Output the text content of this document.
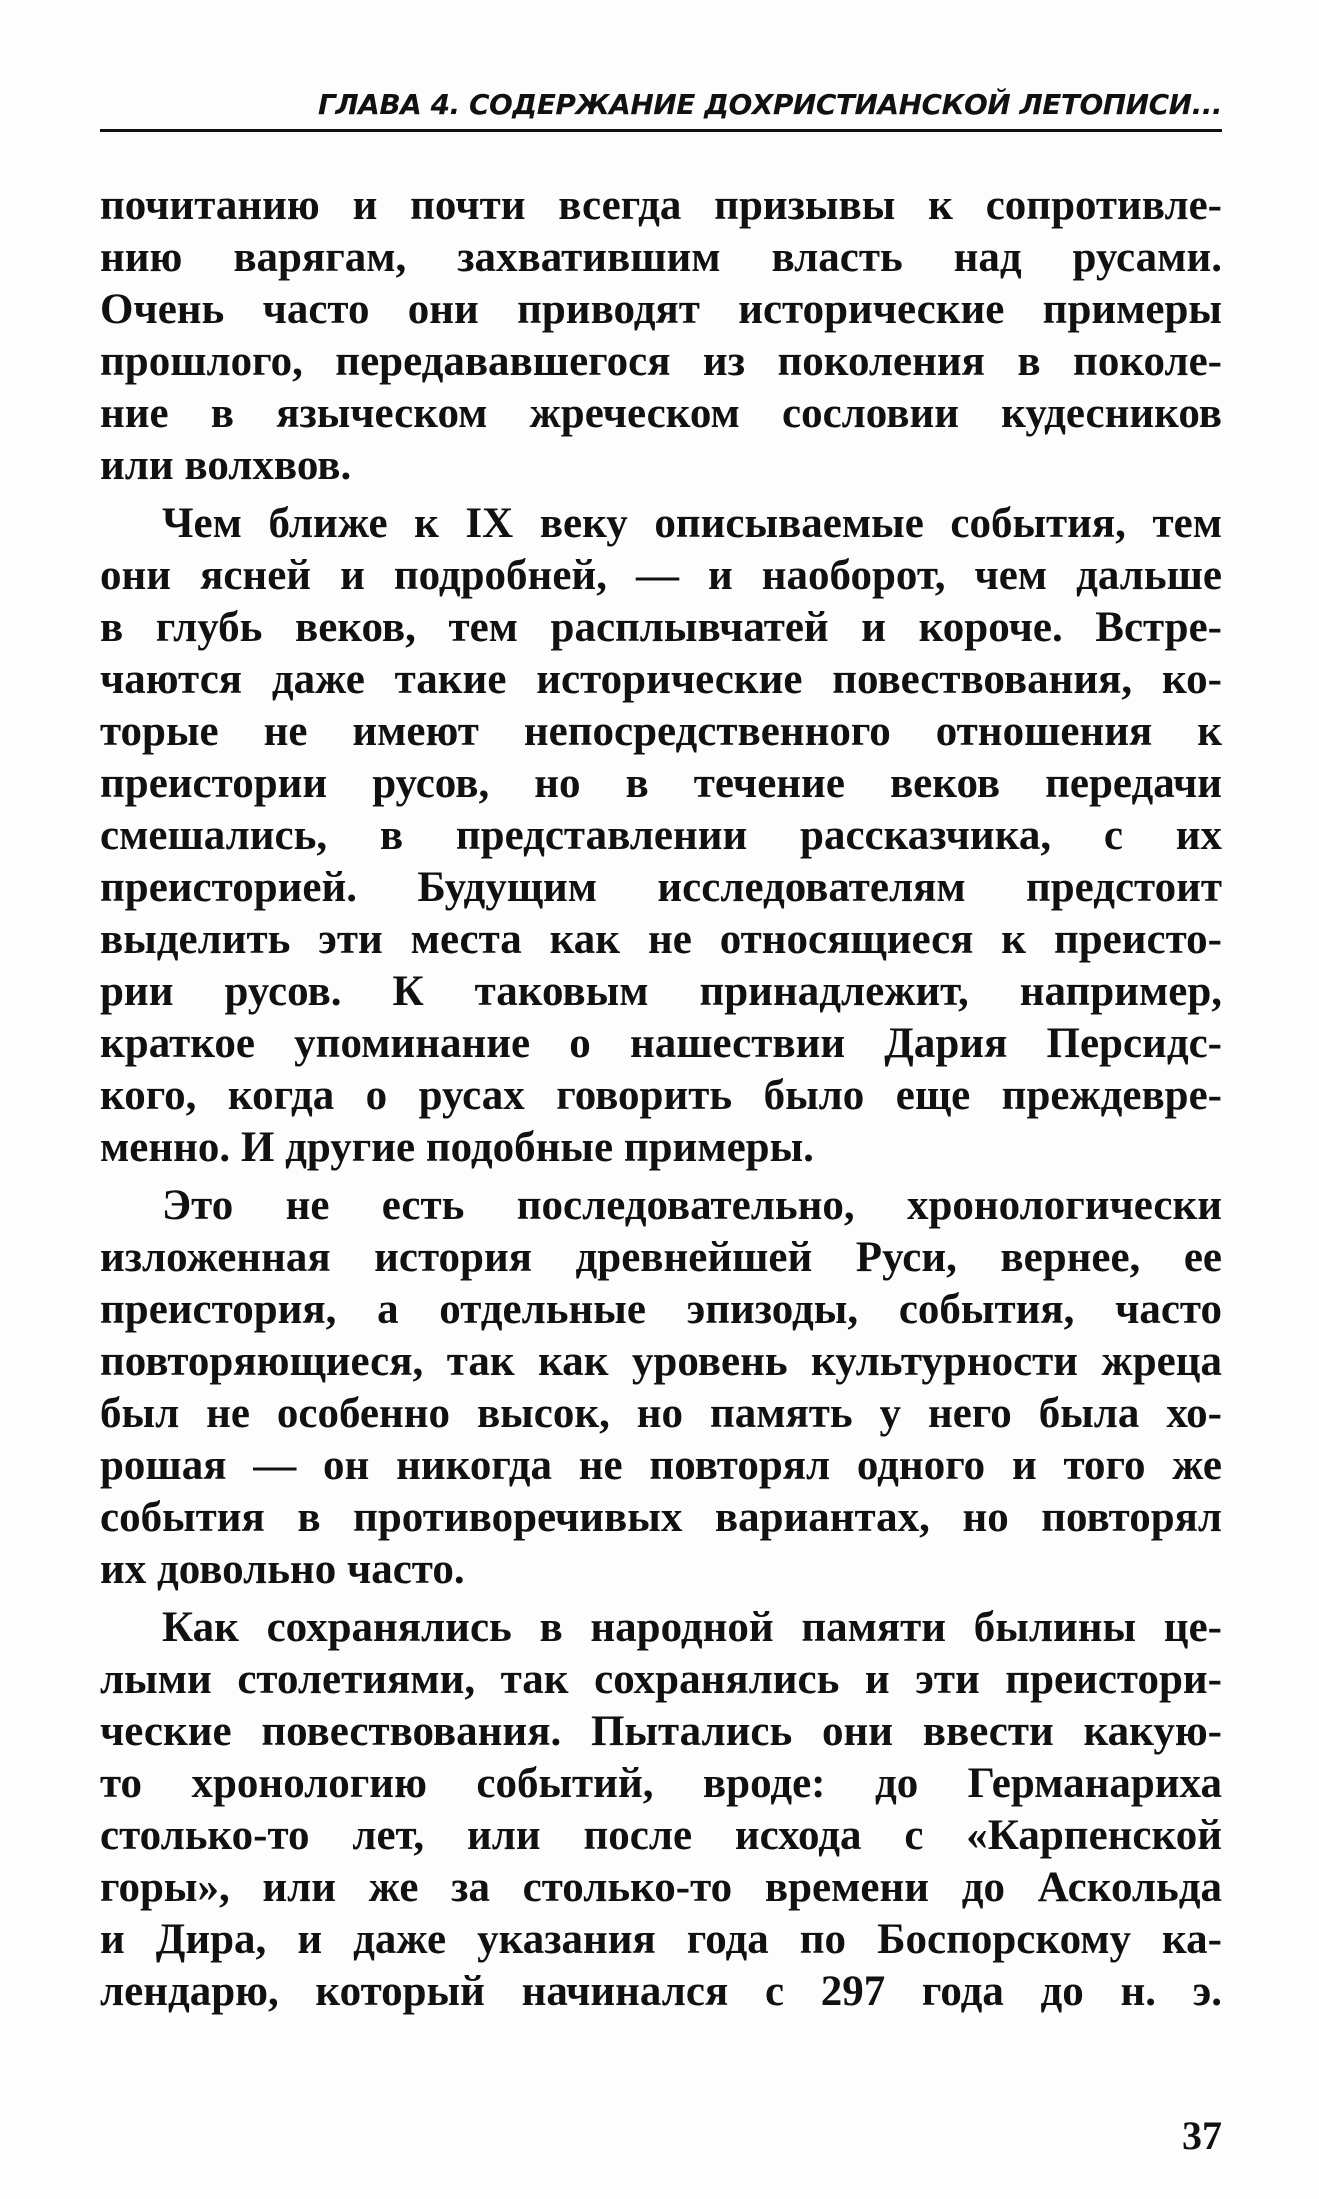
ГЛАВА 4. СОДЕРЖАНИЕ ДОХРИСТИАНСКОЙ ЛЕТОПИСИ...

почитанию и почти всегда призывы к сопротивле-
нию варягам, захватившим власть над русами.
Очень часто они приводят исторические примеры
прошлого, передававшегося из поколения в поколе-
ние в языческом жреческом сословии кудесников
или волхвов.

Чем ближе к IX веку описываемые события, тем
они ясней и подробней, — и наоборот, чем дальше
в глубь веков, тем расплывчатей и короче. Встре-
чаются даже такие исторические повествования, ко-
торые не имеют непосредственного отношения к
преистории русов, но в течение веков передачи
смешались, в представлении рассказчика, с их
преисторией. Будущим исследователям предстоит
выделить эти места как не относящиеся к преисто-
рии русов. К таковым принадлежит, например,
краткое упоминание о нашествии Дария Персидс-
кого, когда о русах говорить было еще преждевре-
менно. И другие подобные примеры.

Это не есть последовательно, хронологически
изложенная история древнейшей Руси, вернее, ее
преистория, а отдельные эпизоды, события, часто
повторяющиеся, так как уровень культурности жреца
был не особенно высок, но память у него была хо-
рошая — он никогда не повторял одного и того же
события в противоречивых вариантах, но повторял
их довольно часто.

Как сохранялись в народной памяти былины це-
лыми столетиями, так сохранялись и эти преистори-
ческие повествования. Пытались они ввести какую-
то хронологию событий, вроде: до Германариха
столько-то лет, или после исхода с «Карпенской
горы», или же за столько-то времени до Аскольда
и Дира, и даже указания года по Боспорскому ка-
лендарю, который начинался с 297 года до н. э.

37
